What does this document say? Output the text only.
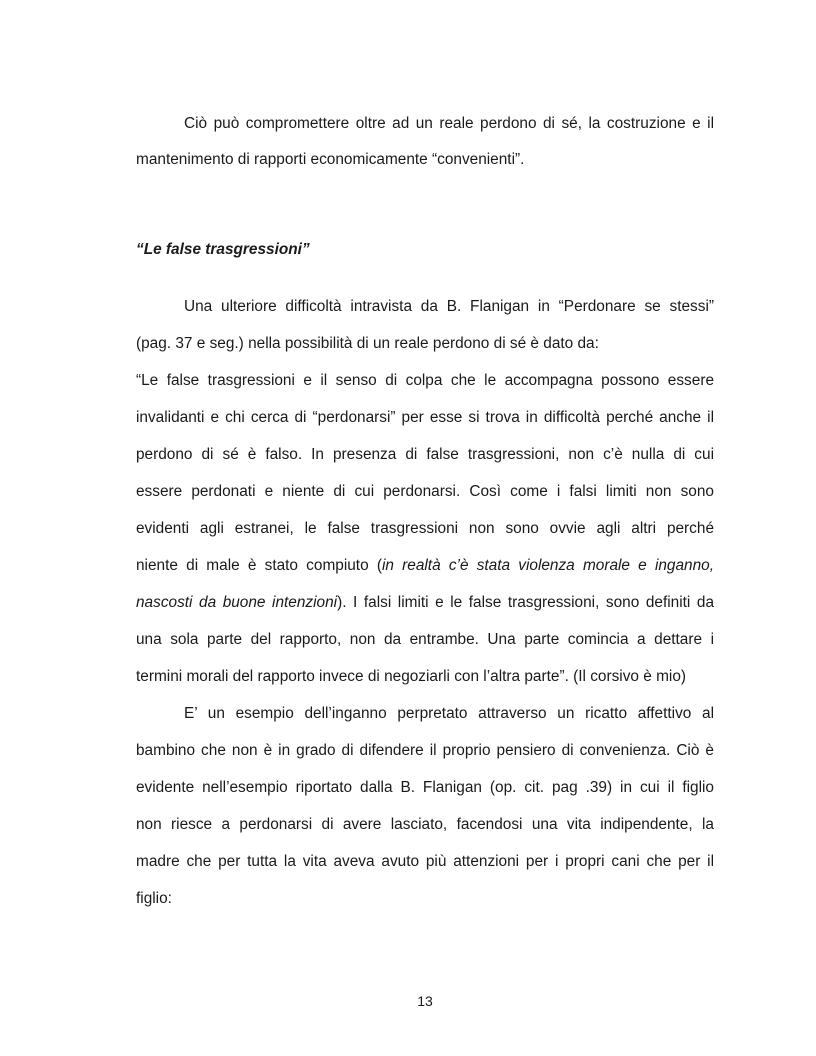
Ciò può compromettere oltre ad un reale perdono di sé, la costruzione e il
mantenimento di rapporti economicamente “convenienti”.
“Le false trasgressioni”
Una ulteriore difficoltà intravista da B. Flanigan in “Perdonare se stessi”
(pag. 37 e seg.) nella possibilità di un reale perdono di sé è dato da:
“Le false trasgressioni e il senso di colpa che le accompagna possono essere
invalidanti e chi cerca di “perdonarsi” per esse si trova in difficoltà perché anche il
perdono di sé è falso. In presenza di false trasgressioni, non c’è nulla di cui
essere perdonati e niente di cui perdonarsi. Così come i falsi limiti non sono
evidenti agli estranei, le false trasgressioni non sono ovvie agli altri perché
niente di male è stato compiuto (in realtà c’è stata violenza morale e inganno,
nascosti da buone intenzioni). I falsi limiti e le false trasgressioni, sono definiti da
una sola parte del rapporto, non da entrambe. Una parte comincia a dettare i
termini morali del rapporto invece di negoziarli con l’altra parte”. (Il corsivo è mio)
E’ un esempio dell’inganno perpretato attraverso un ricatto affettivo al
bambino che non è in grado di difendere il proprio pensiero di convenienza. Ciò è
evidente nell’esempio riportato dalla B. Flanigan (op. cit. pag .39) in cui il figlio
non riesce a perdonarsi di avere lasciato, facendosi una vita indipendente, la
madre che per tutta la vita aveva avuto più attenzioni per i propri cani che per il
figlio:
13
